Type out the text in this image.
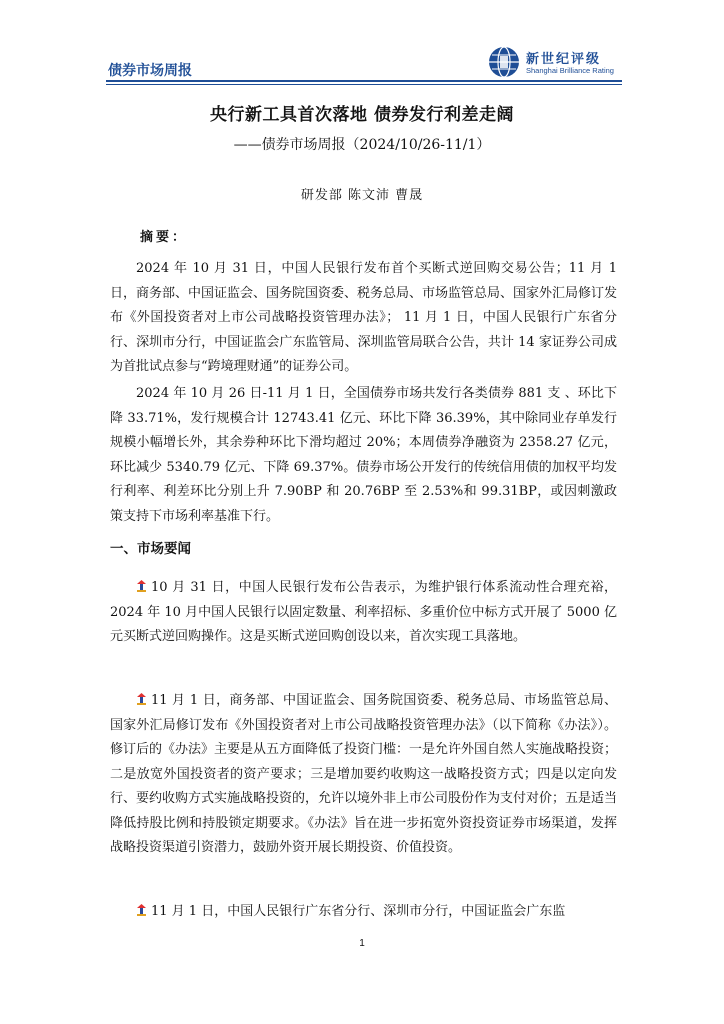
债券市场周报
新世纪评级
Shanghai Brilliance Rating
央行新工具首次落地 债券发行利差走阔
——债券市场周报（2024/10/26-11/1）
研发部 陈文沛 曹晟
摘要：

2024 年 10 月 31 日，中国人民银行发布首个买断式逆回购交易公告；11 月 1 日，商务部、中国证监会、国务院国资委、税务总局、市场监管总局、国家外汇局修订发布《外国投资者对上市公司战略投资管理办法》； 11 月 1 日，中国人民银行广东省分行、深圳市分行，中国证监会广东监管局、深圳监管局联合公告，共计 14 家证券公司成为首批试点参与“跨境理财通”的证券公司。

2024 年 10 月 26 日-11 月 1 日，全国债券市场共发行各类债券 881 支 、环比下降 33.71%，发行规模合计 12743.41 亿元、环比下降 36.39%，其中除同业存单发行规模小幅增长外，其余券种环比下滑均超过 20%；本周债券净融资为 2358.27 亿元，环比减少 5340.79 亿元、下降 69.37%。债券市场公开发行的传统信用债的加权平均发行利率、利差环比分别上升 7.90BP 和 20.76BP 至 2.53%和 99.31BP，或因刺激政策支持下市场利率基准下行。

一、市场要闻

10 月 31 日，中国人民银行发布公告表示，为维护银行体系流动性合理充裕，2024 年 10 月中国人民银行以固定数量、利率招标、多重价位中标方式开展了 5000 亿元买断式逆回购操作。这是买断式逆回购创设以来，首次实现工具落地。

11 月 1 日，商务部、中国证监会、国务院国资委、税务总局、市场监管总局、国家外汇局修订发布《外国投资者对上市公司战略投资管理办法》（以下简称《办法》）。修订后的《办法》主要是从五方面降低了投资门槛：一是允许外国自然人实施战略投资；二是放宽外国投资者的资产要求；三是增加要约收购这一战略投资方式；四是以定向发行、要约收购方式实施战略投资的，允许以境外非上市公司股份作为支付对价；五是适当降低持股比例和持股锁定期要求。《办法》旨在进一步拓宽外资投资证券市场渠道，发挥战略投资渠道引资潜力，鼓励外资开展长期投资、价值投资。

11 月 1 日，中国人民银行广东省分行、深圳市分行，中国证监会广东监

1
